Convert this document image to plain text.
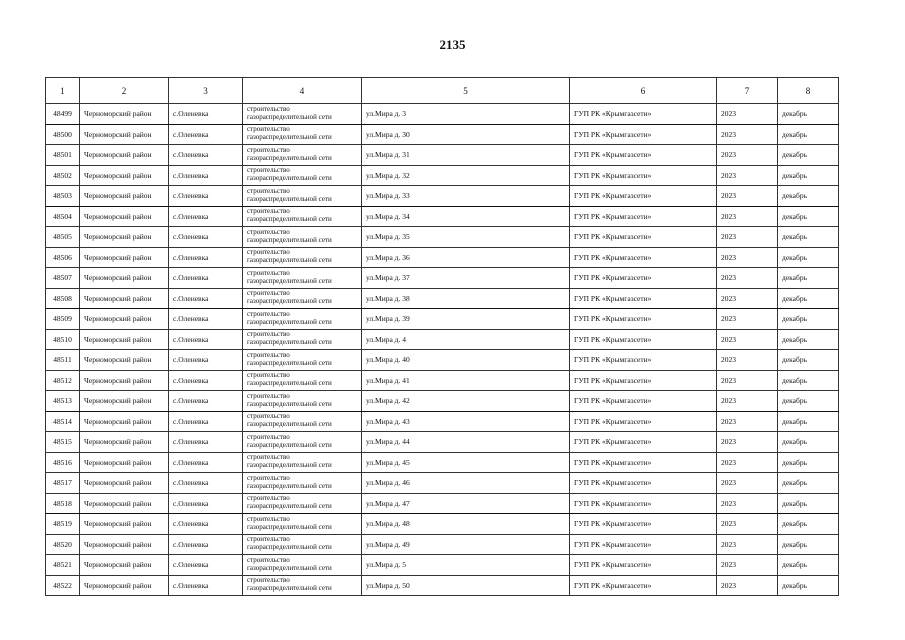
2135
1	2	3	4	5	6	7	8
48499	Черноморский район	с.Оленевка	строительство газораспределительной сети	ул.Мира д. 3	ГУП РК «Крымгазсети»	2023	декабрь
48500	Черноморский район	с.Оленевка	строительство газораспределительной сети	ул.Мира д. 30	ГУП РК «Крымгазсети»	2023	декабрь
48501	Черноморский район	с.Оленевка	строительство газораспределительной сети	ул.Мира д. 31	ГУП РК «Крымгазсети»	2023	декабрь
48502	Черноморский район	с.Оленевка	строительство газораспределительной сети	ул.Мира д. 32	ГУП РК «Крымгазсети»	2023	декабрь
48503	Черноморский район	с.Оленевка	строительство газораспределительной сети	ул.Мира д. 33	ГУП РК «Крымгазсети»	2023	декабрь
48504	Черноморский район	с.Оленевка	строительство газораспределительной сети	ул.Мира д. 34	ГУП РК «Крымгазсети»	2023	декабрь
48505	Черноморский район	с.Оленевка	строительство газораспределительной сети	ул.Мира д. 35	ГУП РК «Крымгазсети»	2023	декабрь
48506	Черноморский район	с.Оленевка	строительство газораспределительной сети	ул.Мира д. 36	ГУП РК «Крымгазсети»	2023	декабрь
48507	Черноморский район	с.Оленевка	строительство газораспределительной сети	ул.Мира д. 37	ГУП РК «Крымгазсети»	2023	декабрь
48508	Черноморский район	с.Оленевка	строительство газораспределительной сети	ул.Мира д. 38	ГУП РК «Крымгазсети»	2023	декабрь
48509	Черноморский район	с.Оленевка	строительство газораспределительной сети	ул.Мира д. 39	ГУП РК «Крымгазсети»	2023	декабрь
48510	Черноморский район	с.Оленевка	строительство газораспределительной сети	ул.Мира д. 4	ГУП РК «Крымгазсети»	2023	декабрь
48511	Черноморский район	с.Оленевка	строительство газораспределительной сети	ул.Мира д. 40	ГУП РК «Крымгазсети»	2023	декабрь
48512	Черноморский район	с.Оленевка	строительство газораспределительной сети	ул.Мира д. 41	ГУП РК «Крымгазсети»	2023	декабрь
48513	Черноморский район	с.Оленевка	строительство газораспределительной сети	ул.Мира д. 42	ГУП РК «Крымгазсети»	2023	декабрь
48514	Черноморский район	с.Оленевка	строительство газораспределительной сети	ул.Мира д. 43	ГУП РК «Крымгазсети»	2023	декабрь
48515	Черноморский район	с.Оленевка	строительство газораспределительной сети	ул.Мира д. 44	ГУП РК «Крымгазсети»	2023	декабрь
48516	Черноморский район	с.Оленевка	строительство газораспределительной сети	ул.Мира д. 45	ГУП РК «Крымгазсети»	2023	декабрь
48517	Черноморский район	с.Оленевка	строительство газораспределительной сети	ул.Мира д. 46	ГУП РК «Крымгазсети»	2023	декабрь
48518	Черноморский район	с.Оленевка	строительство газораспределительной сети	ул.Мира д. 47	ГУП РК «Крымгазсети»	2023	декабрь
48519	Черноморский район	с.Оленевка	строительство газораспределительной сети	ул.Мира д. 48	ГУП РК «Крымгазсети»	2023	декабрь
48520	Черноморский район	с.Оленевка	строительство газораспределительной сети	ул.Мира д. 49	ГУП РК «Крымгазсети»	2023	декабрь
48521	Черноморский район	с.Оленевка	строительство газораспределительной сети	ул.Мира д. 5	ГУП РК «Крымгазсети»	2023	декабрь
48522	Черноморский район	с.Оленевка	строительство газораспределительной сети	ул.Мира д. 50	ГУП РК «Крымгазсети»	2023	декабрь
